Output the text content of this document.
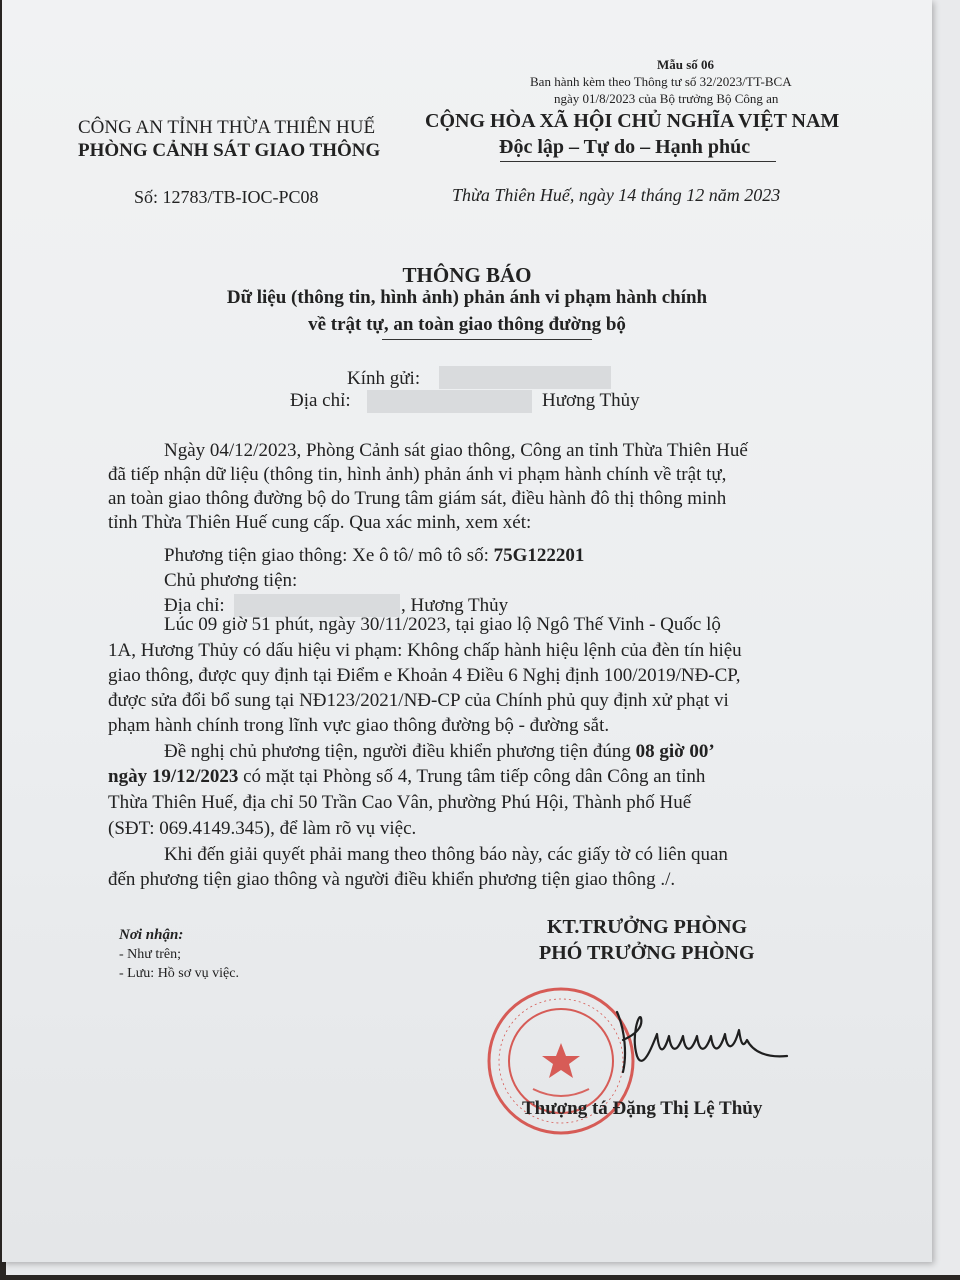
Mẫu số 06
Ban hành kèm theo Thông tư số 32/2023/TT-BCA
ngày 01/8/2023 của Bộ trưởng Bộ Công an
CÔNG AN TỈNH THỪA THIÊN HUẾ
PHÒNG CẢNH SÁT GIAO THÔNG
CỘNG HÒA XÃ HỘI CHỦ NGHĨA VIỆT NAM
Độc lập – Tự do – Hạnh phúc
Số: 12783/TB-IOC-PC08	Thừa Thiên Huế, ngày 14 tháng 12 năm 2023
THÔNG BÁO
Dữ liệu (thông tin, hình ảnh) phản ánh vi phạm hành chính
về trật tự, an toàn giao thông đường bộ
Kính gửi:
Địa chỉ:	Hương Thủy
Ngày 04/12/2023, Phòng Cảnh sát giao thông, Công an tỉnh Thừa Thiên Huế
đã tiếp nhận dữ liệu (thông tin, hình ảnh) phản ánh vi phạm hành chính về trật tự,
an toàn giao thông đường bộ do Trung tâm giám sát, điều hành đô thị thông minh
tỉnh Thừa Thiên Huế cung cấp. Qua xác minh, xem xét:
Phương tiện giao thông: Xe ô tô/ mô tô số: 75G122201
Chủ phương tiện:
Địa chỉ:	, Hương Thủy
Lúc 09 giờ 51 phút, ngày 30/11/2023, tại giao lộ Ngô Thế Vinh - Quốc lộ
1A, Hương Thủy có dấu hiệu vi phạm: Không chấp hành hiệu lệnh của đèn tín hiệu
giao thông, được quy định tại Điểm e Khoản 4 Điều 6 Nghị định 100/2019/NĐ-CP,
được sửa đổi bổ sung tại NĐ123/2021/NĐ-CP của Chính phủ quy định xử phạt vi
phạm hành chính trong lĩnh vực giao thông đường bộ - đường sắt.
Đề nghị chủ phương tiện, người điều khiển phương tiện đúng 08 giờ 00’
ngày 19/12/2023 có mặt tại Phòng số 4, Trung tâm tiếp công dân Công an tỉnh
Thừa Thiên Huế, địa chỉ 50 Trần Cao Vân, phường Phú Hội, Thành phố Huế
(SĐT: 069.4149.345), để làm rõ vụ việc.
Khi đến giải quyết phải mang theo thông báo này, các giấy tờ có liên quan
đến phương tiện giao thông và người điều khiển phương tiện giao thông ./.
Nơi nhận:
- Như trên;
- Lưu: Hồ sơ vụ việc.
KT.TRƯỞNG PHÒNG
PHÓ TRƯỞNG PHÒNG
Thượng tá Đặng Thị Lệ Thủy
